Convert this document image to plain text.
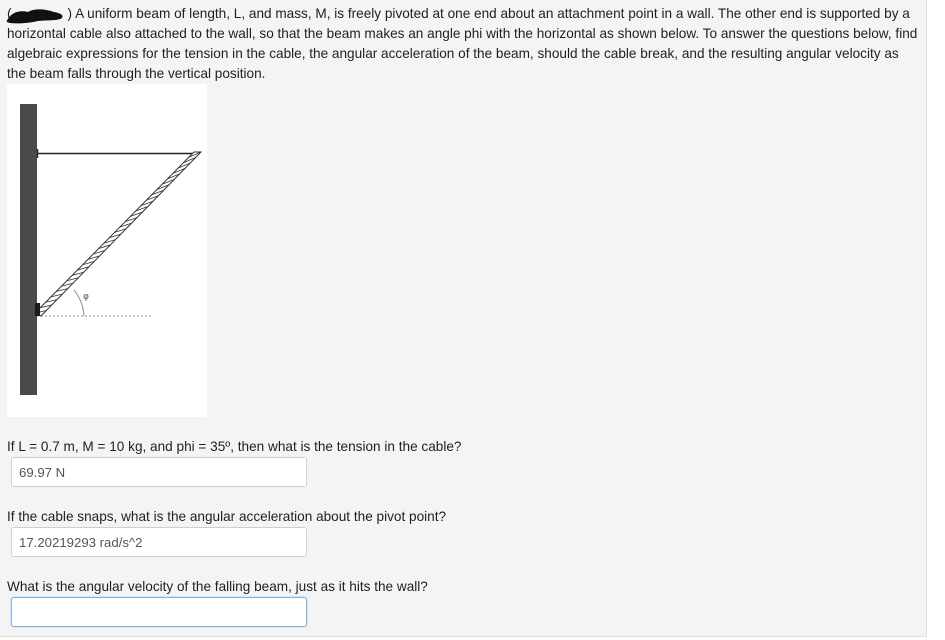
(	) A uniform beam of length, L, and mass, M, is freely pivoted at one end about an attachment point in a wall. The other end is supported by a horizontal cable also attached to the wall, so that the beam makes an angle phi with the horizontal as shown below. To answer the questions below, find algebraic expressions for the tension in the cable, the angular acceleration of the beam, should the cable break, and the resulting angular velocity as the beam falls through the vertical position.
φ
If L = 0.7 m, M = 10 kg, and phi = 35º, then what is the tension in the cable?
69.97 N
If the cable snaps, what is the angular acceleration about the pivot point?
17.20219293 rad/s^2
What is the angular velocity of the falling beam, just as it hits the wall?
